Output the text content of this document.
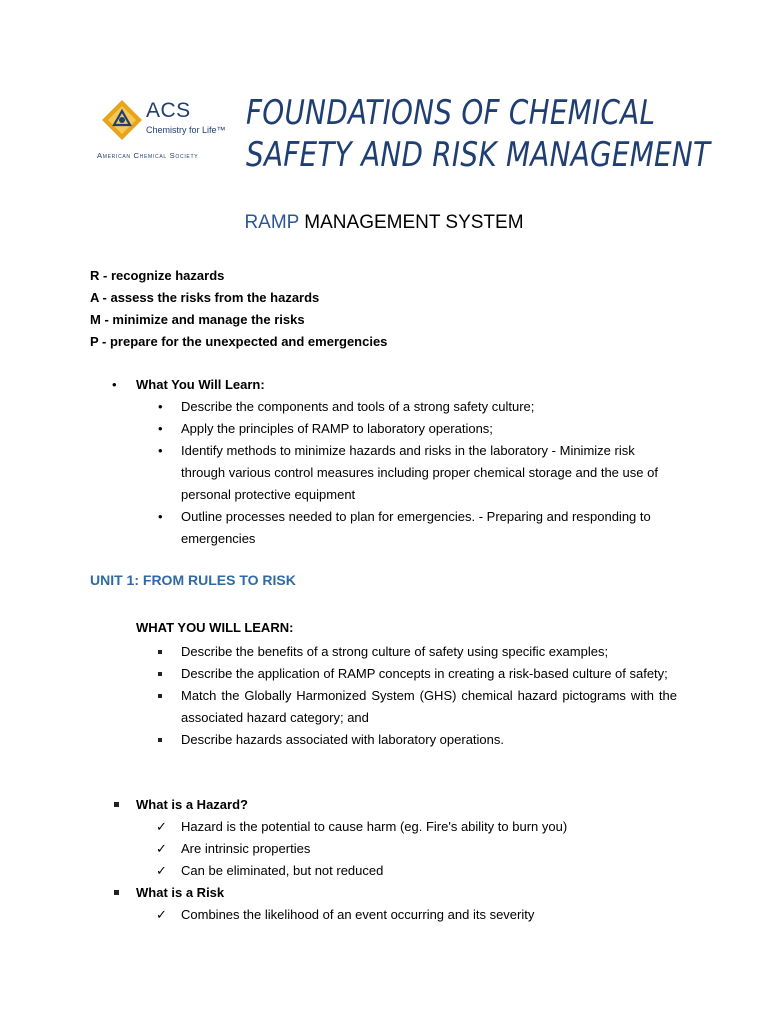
ACS
Chemistry for Life™
American Chemical Society
FOUNDATIONS OF CHEMICAL
SAFETY AND RISK MANAGEMENT
RAMP MANAGEMENT SYSTEM
R - recognize hazards
A - assess the risks from the hazards
M - minimize and manage the risks
P - prepare for the unexpected and emergencies
• What You Will Learn:
• Describe the components and tools of a strong safety culture;
• Apply the principles of RAMP to laboratory operations;
• Identify methods to minimize hazards and risks in the laboratory - Minimize risk through various control measures including proper chemical storage and the use of personal protective equipment
• Outline processes needed to plan for emergencies. - Preparing and responding to emergencies
UNIT 1: FROM RULES TO RISK
WHAT YOU WILL LEARN:
Describe the benefits of a strong culture of safety using specific examples;
Describe the application of RAMP concepts in creating a risk-based culture of safety;
Match the Globally Harmonized System (GHS) chemical hazard pictograms with the associated hazard category; and
Describe hazards associated with laboratory operations.
What is a Hazard?
✓ Hazard is the potential to cause harm (eg. Fire's ability to burn you)
✓ Are intrinsic properties
✓ Can be eliminated, but not reduced
What is a Risk
✓ Combines the likelihood of an event occurring and its severity
